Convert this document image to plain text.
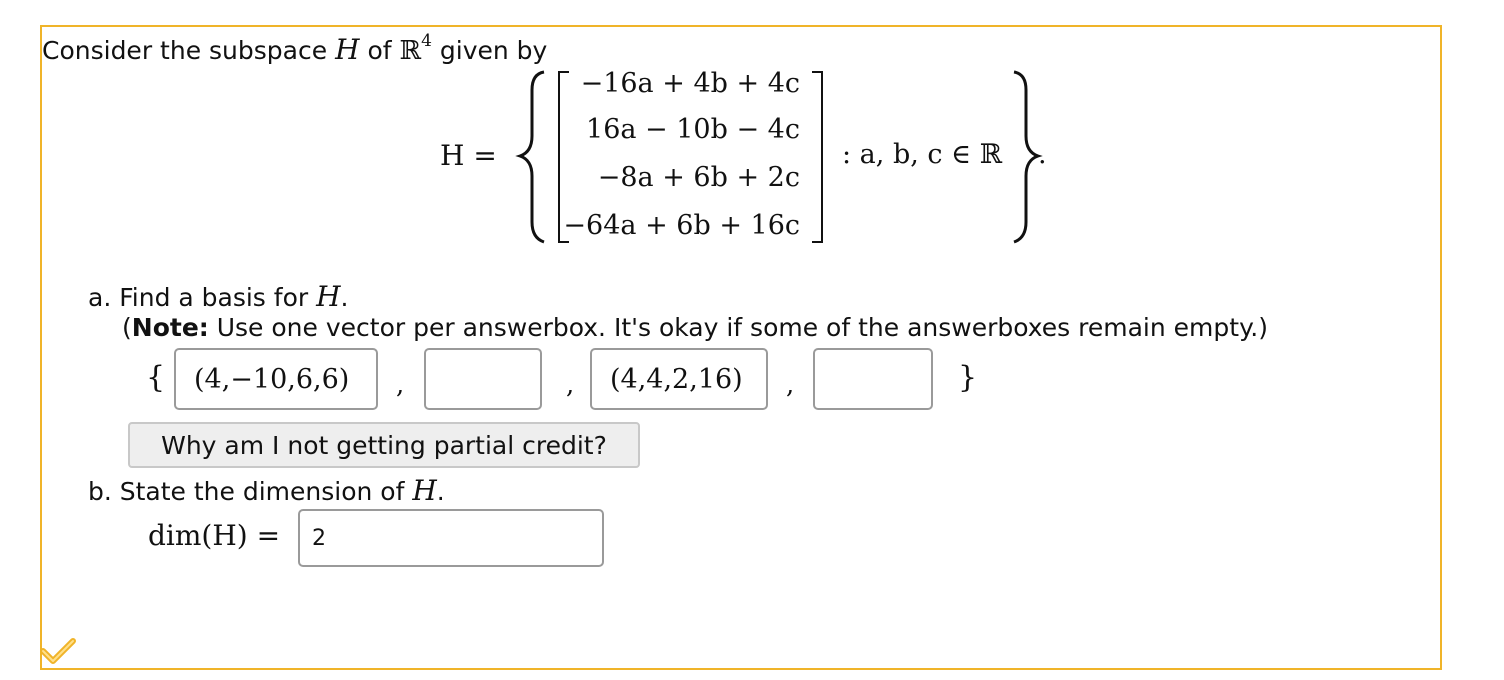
Consider the subspace H of ℝ$^4$ given by
H =
−16a + 4b + 4c
16a − 10b − 4c
−8a + 6b + 2c
−64a + 6b + 16c
: a, b, c ∈ ℝ .
a. Find a basis for H.
(Note: Use one vector per answerbox. It's okay if some of the answerboxes remain empty.)
{	(4,−10,6,6)	,	,	(4,4,2,16)	,	}
Why am I not getting partial credit?
b. State the dimension of H.
dim(H) =	2
